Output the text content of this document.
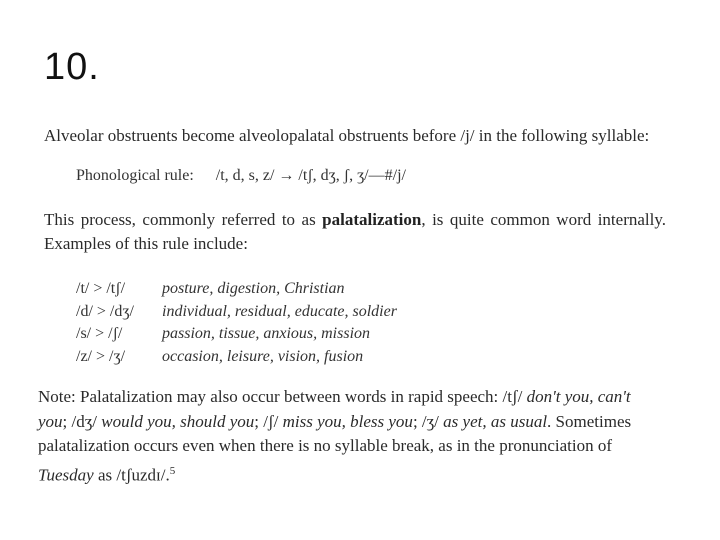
10.
Alveolar obstruents become alveolopalatal obstruents before /j/ in the following syllable:
Phonological rule: /t, d, s, z/ → /tʃ, dʒ, ʃ, ʒ/—#/j/
This process, commonly referred to as palatalization, is quite common word internally. Examples of this rule include:
/t/ > /tʃ/	posture, digestion, Christian
/d/ > /dʒ/	individual, residual, educate, soldier
/s/ > /ʃ/	passion, tissue, anxious, mission
/z/ > /ʒ/	occasion, leisure, vision, fusion
Note: Palatalization may also occur between words in rapid speech: /tʃ/ don't you, can't you; /dʒ/ would you, should you; /ʃ/ miss you, bless you; /ʒ/ as yet, as usual. Sometimes palatalization occurs even when there is no syllable break, as in the pronunciation of Tuesday as /tʃuzdɪ/.$^5$
